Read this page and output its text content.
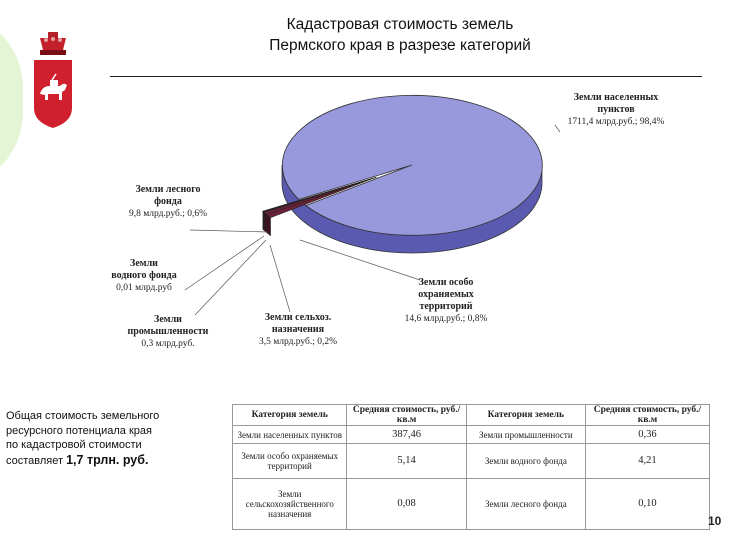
Кадастровая стоимость земель
Пермского края в разрезе категорий
Земли населенных
пунктов
1711,4 млрд.руб.; 98,4%
Земли особо
охраняемых
территорий
14,6 млрд.руб.; 0,8%
Земли лесного
фонда
9,8 млрд.руб.; 0,6%
Земли сельхоз.
назначения
3,5 млрд.руб.; 0,2%
Земли
промышленности
0,3 млрд.руб.
Земли
водного фонда
0,01 млрд.руб
Общая стоимость земельного
ресурсного потенциала края
по кадастровой стоимости
составляет 1,7 трлн. руб.
Категория земель	Средняя стоимость, руб./кв.м	Категория земель	Средняя стоимость, руб./кв.м
Земли населенных пунктов	387,46	Земли промышленности	0,36
Земли особо охраняемых территорий	5,14	Земли водного фонда	4,21
Земли сельскохозяйственного назначения	0,08	Земли лесного фонда	0,10
10
